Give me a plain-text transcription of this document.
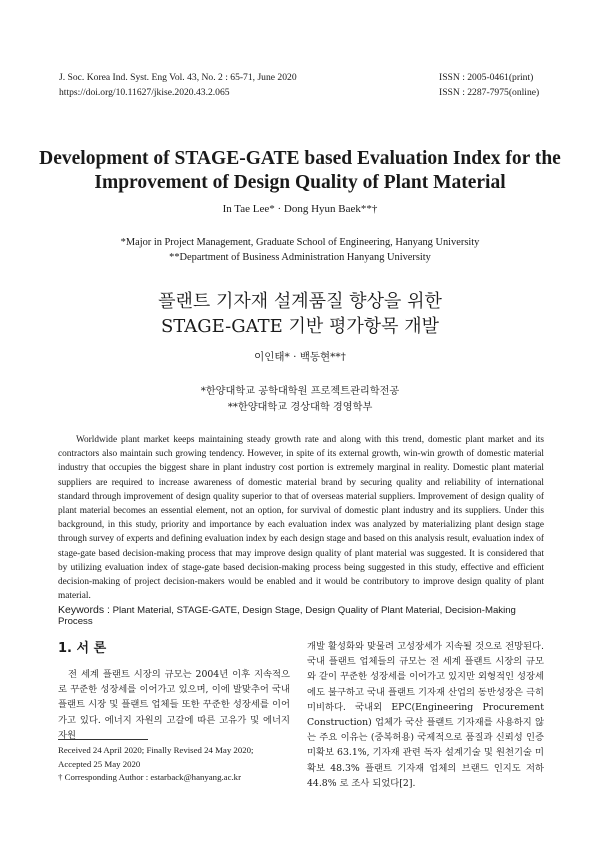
J. Soc. Korea Ind. Syst. Eng Vol. 43, No. 2 : 65-71, June 2020
https://doi.org/10.11627/jkise.2020.43.2.065
ISSN : 2005-0461(print)
ISSN : 2287-7975(online)
Development of STAGE-GATE based Evaluation Index for the
Improvement of Design Quality of Plant Material
In Tae Lee* · Dong Hyun Baek**†
*Major in Project Management, Graduate School of Engineering, Hanyang University
**Department of Business Administration Hanyang University
플랜트 기자재 설계품질 향상을 위한
STAGE-GATE 기반 평가항목 개발
이인태* · 백동현**†
*한양대학교 공학대학원 프로젝트관리학전공
**한양대학교 경상대학 경영학부
Worldwide plant market keeps maintaining steady growth rate and along with this trend, domestic plant market and its contractors also maintain such growing tendency. However, in spite of its external growth, win-win growth of domestic material industry that occupies the biggest share in plant industry cost portion is extremely marginal in reality. Domestic plant material suppliers are required to increase awareness of domestic material brand by securing quality and reliability of international standard through improvement of design quality superior to that of overseas material suppliers. Improvement of design quality of plant material becomes an essential element, not an option, for survival of domestic plant industry and its suppliers. Under this background, in this study, priority and importance by each evaluation index was analyzed by materializing plant design stage through survey of experts and defining evaluation index by each design stage and based on this analysis result, evaluation index of stage-gate based decision-making process that may improve design quality of plant material was suggested. It is considered that by utilizing evaluation index of stage-gate based decision-making process being suggested in this study, effective and efficient decision-making of project decision-makers would be enabled and it would be contributory to improve design quality of plant material.
Keywords : Plant Material, STAGE-GATE, Design Stage, Design Quality of Plant Material, Decision-Making Process
1. 서 론
전 세계 플랜트 시장의 규모는 2004년 이후 지속적으로 꾸준한 성장세를 이어가고 있으며, 이에 발맞추어 국내 플랜트 시장 및 플랜트 업체들 또한 꾸준한 성장세를 이어가고 있다. 에너지 자원의 고갈에 따른 고유가 및 에너지 자원

개발 활성화와 맞물려 고성장세가 지속될 것으로 전망된다. 국내 플랜트 업체들의 규모는 전 세계 플랜트 시장의 규모와 같이 꾸준한 성장세를 이어가고 있지만 외형적인 성장세에도 불구하고 국내 플랜트 기자재 산업의 동반성장은 극히 미비하다. 국내외 EPC(Engineering Procurement Construction) 업체가 국산 플랜트 기자재를 사용하지 않는 주요 이유는 (중복허용) 국제적으로 품질과 신뢰성 인증 미확보 63.1%, 기자재 관련 독자 설계기술 및 원천기술 미확보 48.3% 플랜트 기자재 업체의 브랜드 인지도 저하 44.8% 로 조사 되었다[2].

Received 24 April 2020; Finally Revised 24 May 2020;
Accepted 25 May 2020
† Corresponding Author : estarback@hanyang.ac.kr
